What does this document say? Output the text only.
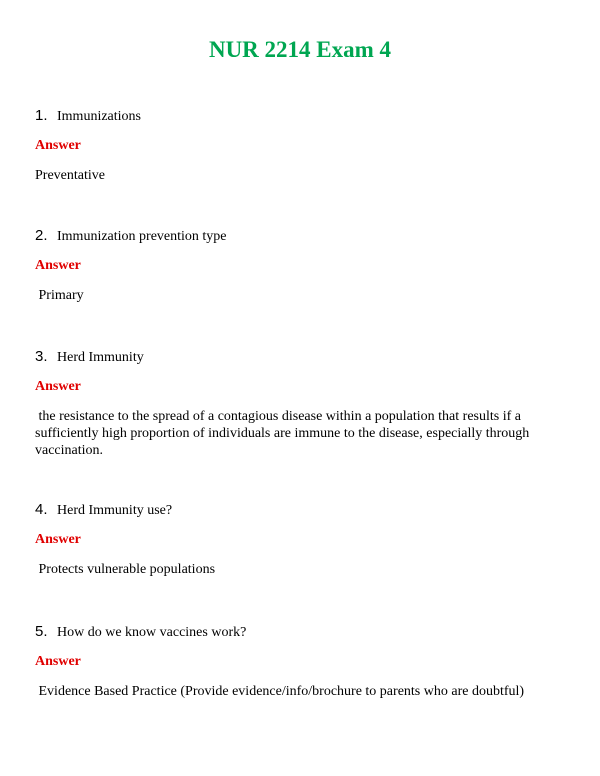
NUR 2214 Exam 4
1. Immunizations
Answer
Preventative
2. Immunization prevention type
Answer
Primary
3. Herd Immunity
Answer
the resistance to the spread of a contagious disease within a population that results if a sufficiently high proportion of individuals are immune to the disease, especially through vaccination.
4. Herd Immunity use?
Answer
Protects vulnerable populations
5. How do we know vaccines work?
Answer
Evidence Based Practice (Provide evidence/info/brochure to parents who are doubtful)
